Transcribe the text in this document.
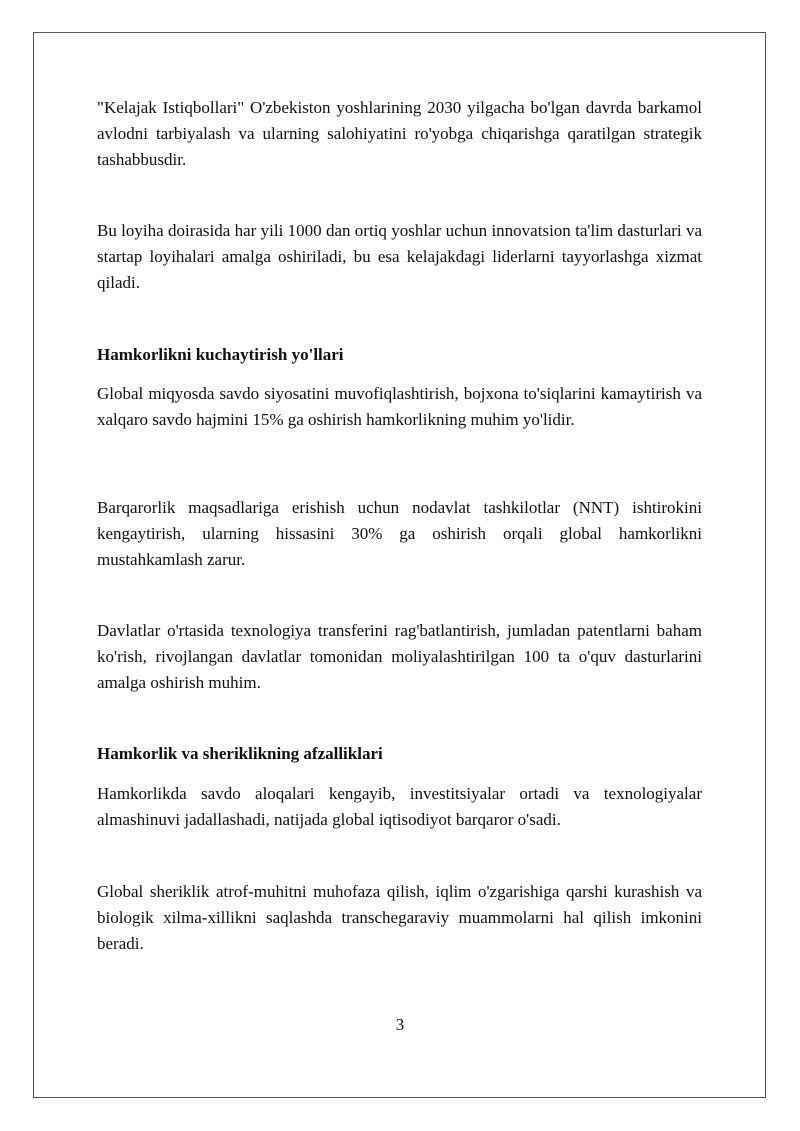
"Kelajak Istiqbollari" O'zbekiston yoshlarining 2030 yilgacha bo'lgan davrda barkamol avlodni tarbiyalash va ularning salohiyatini ro'yobga chiqarishga qaratilgan strategik tashabbusdir.

Bu loyiha doirasida har yili 1000 dan ortiq yoshlar uchun innovatsion ta'lim dasturlari va startap loyihalari amalga oshiriladi, bu esa kelajakdagi liderlarni tayyorlashga xizmat qiladi.

Hamkorlikni kuchaytirish yo'llari

Global miqyosda savdo siyosatini muvofiqlashtirish, bojxona to'siqlarini kamaytirish va xalqaro savdo hajmini 15% ga oshirish hamkorlikning muhim yo'lidir.

Barqarorlik maqsadlariga erishish uchun nodavlat tashkilotlar (NNT) ishtirokini kengaytirish, ularning hissasini 30% ga oshirish orqali global hamkorlikni mustahkamlash zarur.

Davlatlar o'rtasida texnologiya transferini rag'batlantirish, jumladan patentlarni baham ko'rish, rivojlangan davlatlar tomonidan moliyalashtirilgan 100 ta o'quv dasturlarini amalga oshirish muhim.

Hamkorlik va sheriklikning afzalliklari

Hamkorlikda savdo aloqalari kengayib, investitsiyalar ortadi va texnologiyalar almashinuvi jadallashadi, natijada global iqtisodiyot barqaror o'sadi.

Global sheriklik atrof-muhitni muhofaza qilish, iqlim o'zgarishiga qarshi kurashish va biologik xilma-xillikni saqlashda transchegaraviy muammolarni hal qilish imkonini beradi.

3
